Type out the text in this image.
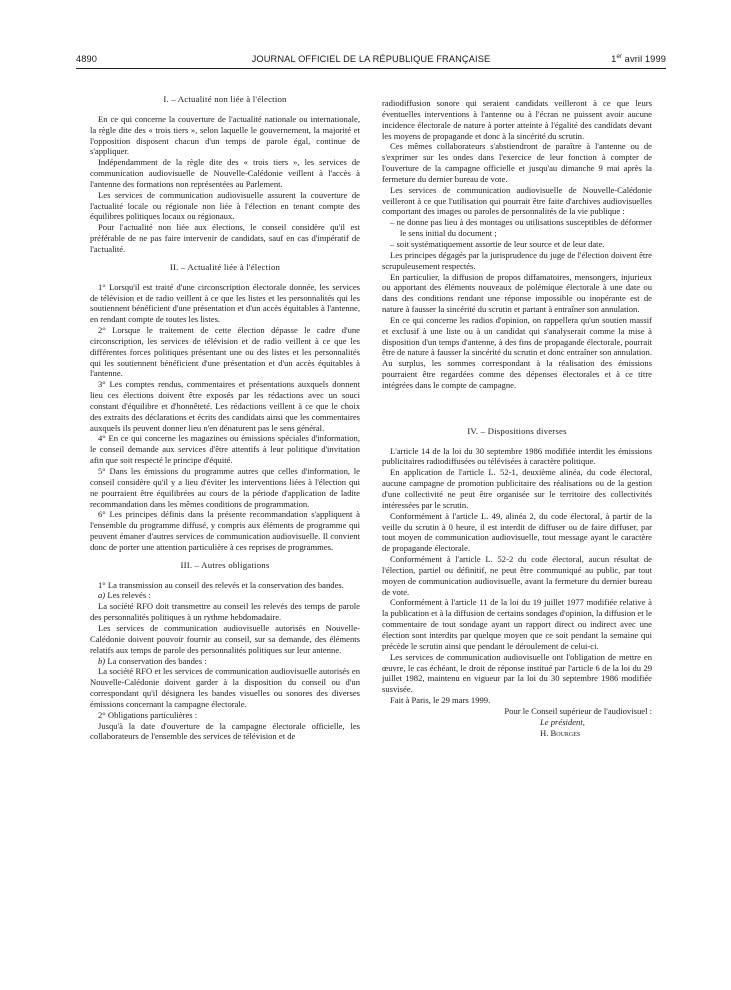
4890	JOURNAL OFFICIEL DE LA RÉPUBLIQUE FRANÇAISE	1er avril 1999
I. – Actualité non liée à l'élection

En ce qui concerne la couverture de l'actualité nationale ou internationale, la règle dite des « trois tiers », selon laquelle le gouvernement, la majorité et l'opposition disposent chacun d'un temps de parole égal, continue de s'appliquer.

Indépendamment de la règle dite des « trois tiers », les services de communication audiovisuelle de Nouvelle-Calédonie veillent à l'accès à l'antenne des formations non représentées au Parlement.

Les services de communication audiovisuelle assurent la couverture de l'actualité locale ou régionale non liée à l'élection en tenant compte des équilibres politiques locaux ou régionaux.

Pour l'actualité non liée aux élections, le conseil considère qu'il est préférable de ne pas faire intervenir de candidats, sauf en cas d'impératif de l'actualité.

II. – Actualité liée à l'élection

1° Lorsqu'il est traité d'une circonscription électorale donnée, les services de télévision et de radio veillent à ce que les listes et les personnalités qui les soutiennent bénéficient d'une présentation et d'un accès équitables à l'antenne, en rendant compte de toutes les listes.

2° Lorsque le traitement de cette élection dépasse le cadre d'une circonscription, les services de télévision et de radio veillent à ce que les différentes forces politiques présentant une ou des listes et les personnalités qui les soutiennent bénéficient d'une présentation et d'un accès équitables à l'antenne.

3° Les comptes rendus, commentaires et présentations auxquels donnent lieu ces élections doivent être exposés par les rédactions avec un souci constant d'équilibre et d'honnêteté. Les rédactions veillent à ce que le choix des extraits des déclarations et écrits des candidats ainsi que les commentaires auxquels ils peuvent donner lieu n'en dénaturent pas le sens général.

4° En ce qui concerne les magazines ou émissions spéciales d'information, le conseil demande aux services d'être attentifs à leur politique d'invitation afin que soit respecté le principe d'équité.

5° Dans les émissions du programme autres que celles d'information, le conseil considère qu'il y a lieu d'éviter les interventions liées à l'élection qui ne pourraient être équilibrées au cours de la période d'application de ladite recommandation dans les mêmes conditions de programmation.

6° Les principes définis dans la présente recommandation s'appliquent à l'ensemble du programme diffusé, y compris aux éléments de programme qui peuvent émaner d'autres services de communication audiovisuelle. Il convient donc de porter une attention particulière à ces reprises de programmes.

III. – Autres obligations

1° La transmission au conseil des relevés et la conservation des bandes.

a) Les relevés :

La société RFO doit transmettre au conseil les relevés des temps de parole des personnalités politiques à un rythme hebdomadaire.

Les services de communication audiovisuelle autorisés en Nouvelle-Calédonie doivent pouvoir fournir au conseil, sur sa demande, des éléments relatifs aux temps de parole des personnalités politiques sur leur antenne.

b) La conservation des bandes :

La société RFO et les services de communication audiovisuelle autorisés en Nouvelle-Calédonie doivent garder à la disposition du conseil ou d'un correspondant qu'il désignera les bandes visuelles ou sonores des diverses émissions concernant la campagne électorale.

2° Obligations particulières :

Jusqu'à la date d'ouverture de la campagne électorale officielle, les collaborateurs de l'ensemble des services de télévision et de

radiodiffusion sonore qui seraient candidats veilleront à ce que leurs éventuelles interventions à l'antenne ou à l'écran ne puissent avoir aucune incidence électorale de nature à porter atteinte à l'égalité des candidats devant les moyens de propagande et donc à la sincérité du scrutin.

Ces mêmes collaborateurs s'abstiendront de paraître à l'antenne ou de s'exprimer sur les ondes dans l'exercice de leur fonction à compter de l'ouverture de la campagne officielle et jusqu'au dimanche 9 mai après la fermeture du dernier bureau de vote.

Les services de communication audiovisuelle de Nouvelle-Calédonie veilleront à ce que l'utilisation qui pourrait être faite d'archives audiovisuelles comportant des images ou paroles de personnalités de la vie publique :

– ne donne pas lieu à des montages ou utilisations susceptibles de déformer le sens initial du document ;
– soit systématiquement assortie de leur source et de leur date.

Les principes dégagés par la jurisprudence du juge de l'élection doivent être scrupuleusement respectés.

En particulier, la diffusion de propos diffamatoires, mensongers, injurieux ou apportant des éléments nouveaux de polémique électorale à une date ou dans des conditions rendant une réponse impossible ou inopérante est de nature à fausser la sincérité du scrutin et partant à entraîner son annulation.

En ce qui concerne les radios d'opinion, on rappellera qu'un soutien massif et exclusif à une liste ou à un candidat qui s'analyserait comme la mise à disposition d'un temps d'antenne, à des fins de propagande électorale, pourrait être de nature à fausser la sincérité du scrutin et donc entraîner son annulation. Au surplus, les sommes correspondant à la réalisation des émissions pourraient être regardées comme des dépenses électorales et à ce titre intégrées dans le compte de campagne.

IV. – Dispositions diverses

L'article 14 de la loi du 30 septembre 1986 modifiée interdit les émissions publicitaires radiodiffusées ou télévisées à caractère politique.

En application de l'article L. 52-1, deuxième alinéa, du code électoral, aucune campagne de promotion publicitaire des réalisations ou de la gestion d'une collectivité ne peut être organisée sur le territoire des collectivités intéressées par le scrutin.

Conformément à l'article L. 49, alinéa 2, du code électoral, à partir de la veille du scrutin à 0 heure, il est interdit de diffuser ou de faire diffuser, par tout moyen de communication audiovisuelle, tout message ayant le caractère de propagande électorale.

Conformément à l'article L. 52-2 du code électoral, aucun résultat de l'élection, partiel ou définitif, ne peut être communiqué au public, par tout moyen de communication audiovisuelle, avant la fermeture du dernier bureau de vote.

Conformément à l'article 11 de la loi du 19 juillet 1977 modifiée relative à la publication et à la diffusion de certains sondages d'opinion, la diffusion et le commentaire de tout sondage ayant un rapport direct ou indirect avec une élection sont interdits par quelque moyen que ce soit pendant la semaine qui précède le scrutin ainsi que pendant le déroulement de celui-ci.

Les services de communication audiovisuelle ont l'obligation de mettre en œuvre, le cas échéant, le droit de réponse institué par l'article 6 de la loi du 29 juillet 1982, maintenu en vigueur par la loi du 30 septembre 1986 modifiée susvisée.

Fait à Paris, le 29 mars 1999.

Pour le Conseil supérieur de l'audiovisuel :
Le président,
H. Bourges
